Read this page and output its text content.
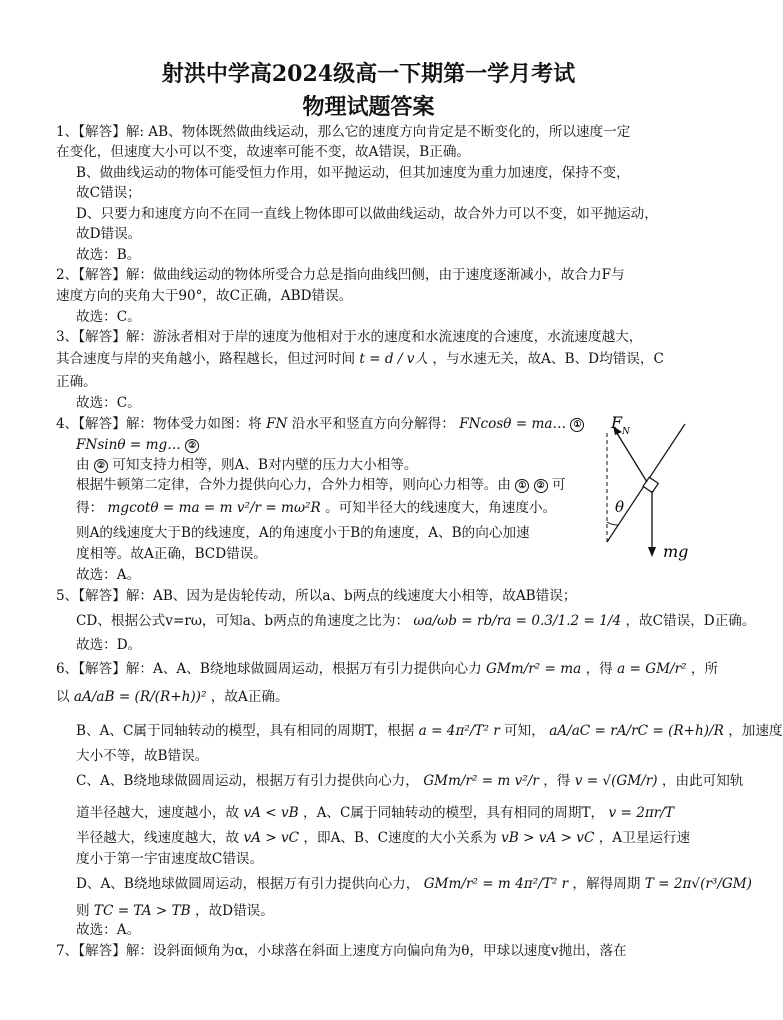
射洪中学高2024级高一下期第一学月考试
物理试题答案
1、【解答】解: AB、物体既然做曲线运动，那么它的速度方向肯定是不断变化的，所以速度一定
在变化，但速度大小可以不变，故速率可能不变，故A错误，B正确。
B、做曲线运动的物体可能受恒力作用，如平抛运动，但其加速度为重力加速度，保持不变，
故C错误；
D、只要力和速度方向不在同一直线上物体即可以做曲线运动，故合外力可以不变，如平抛运动，
故D错误。
故选：B。
2、【解答】解：做曲线运动的物体所受合力总是指向曲线凹侧，由于速度逐渐减小，故合力F与
速度方向的夹角大于90°，故C正确，ABD错误。
故选：C。
3、【解答】解：游泳者相对于岸的速度为他相对于水的速度和水流速度的合速度，水流速度越大，
其合速度与岸的夹角越小，路程越长，但过河时间 t = d / v人 ，与水速无关，故A、B、D均错误，C
正确。
故选：C。
4、【解答】解：物体受力如图：将 FN 沿水平和竖直方向分解得： FNcosθ = ma… ①
FNsinθ = mg… ②
由 ② 可知支持力相等，则A、B对内壁的压力大小相等。
根据牛顿第二定律，合外力提供向心力，合外力相等，则向心力相等。由 ① ② 可
得： mgcotθ = ma = m v²/r = mω²R 。可知半径大的线速度大，角速度小。
则A的线速度大于B的线速度，A的角速度小于B的角速度，A、B的向心加速
度相等。故A正确，BCD错误。
故选：A。
F N
θ
mg
5、【解答】解：AB、因为是齿轮传动，所以a、b两点的线速度大小相等，故AB错误；
CD、根据公式v=rω，可知a、b两点的角速度之比为： ωa/ωb = rb/ra = 0.3/1.2 = 1/4 ，故C错误，D正确。
故选：D。
6、【解答】解：A、A、B绕地球做圆周运动，根据万有引力提供向心力 GMm/r² = ma ，得 a = GM/r² ，所
以 aA/aB = (R/(R+h))² ，故A正确。
B、A、C属于同轴转动的模型，具有相同的周期T，根据 a = 4π²/T² r 可知， aA/aC = rA/rC = (R+h)/R ，加速度
大小不等，故B错误。
C、A、B绕地球做圆周运动，根据万有引力提供向心力， GMm/r² = m v²/r ，得 v = √(GM/r) ，由此可知轨
道半径越大，速度越小，故 vA < vB ，A、C属于同轴转动的模型，具有相同的周期T， v = 2πr/T
半径越大，线速度越大，故 vA > vC ，即A、B、C速度的大小关系为 vB > vA > vC ，A卫星运行速
度小于第一宇宙速度故C错误。
D、A、B绕地球做圆周运动，根据万有引力提供向心力， GMm/r² = m 4π²/T² r ，解得周期 T = 2π√(r³/GM)
则 TC = TA > TB ，故D错误。
故选：A。
7、【解答】解：设斜面倾角为α，小球落在斜面上速度方向偏向角为θ，甲球以速度v抛出，落在
